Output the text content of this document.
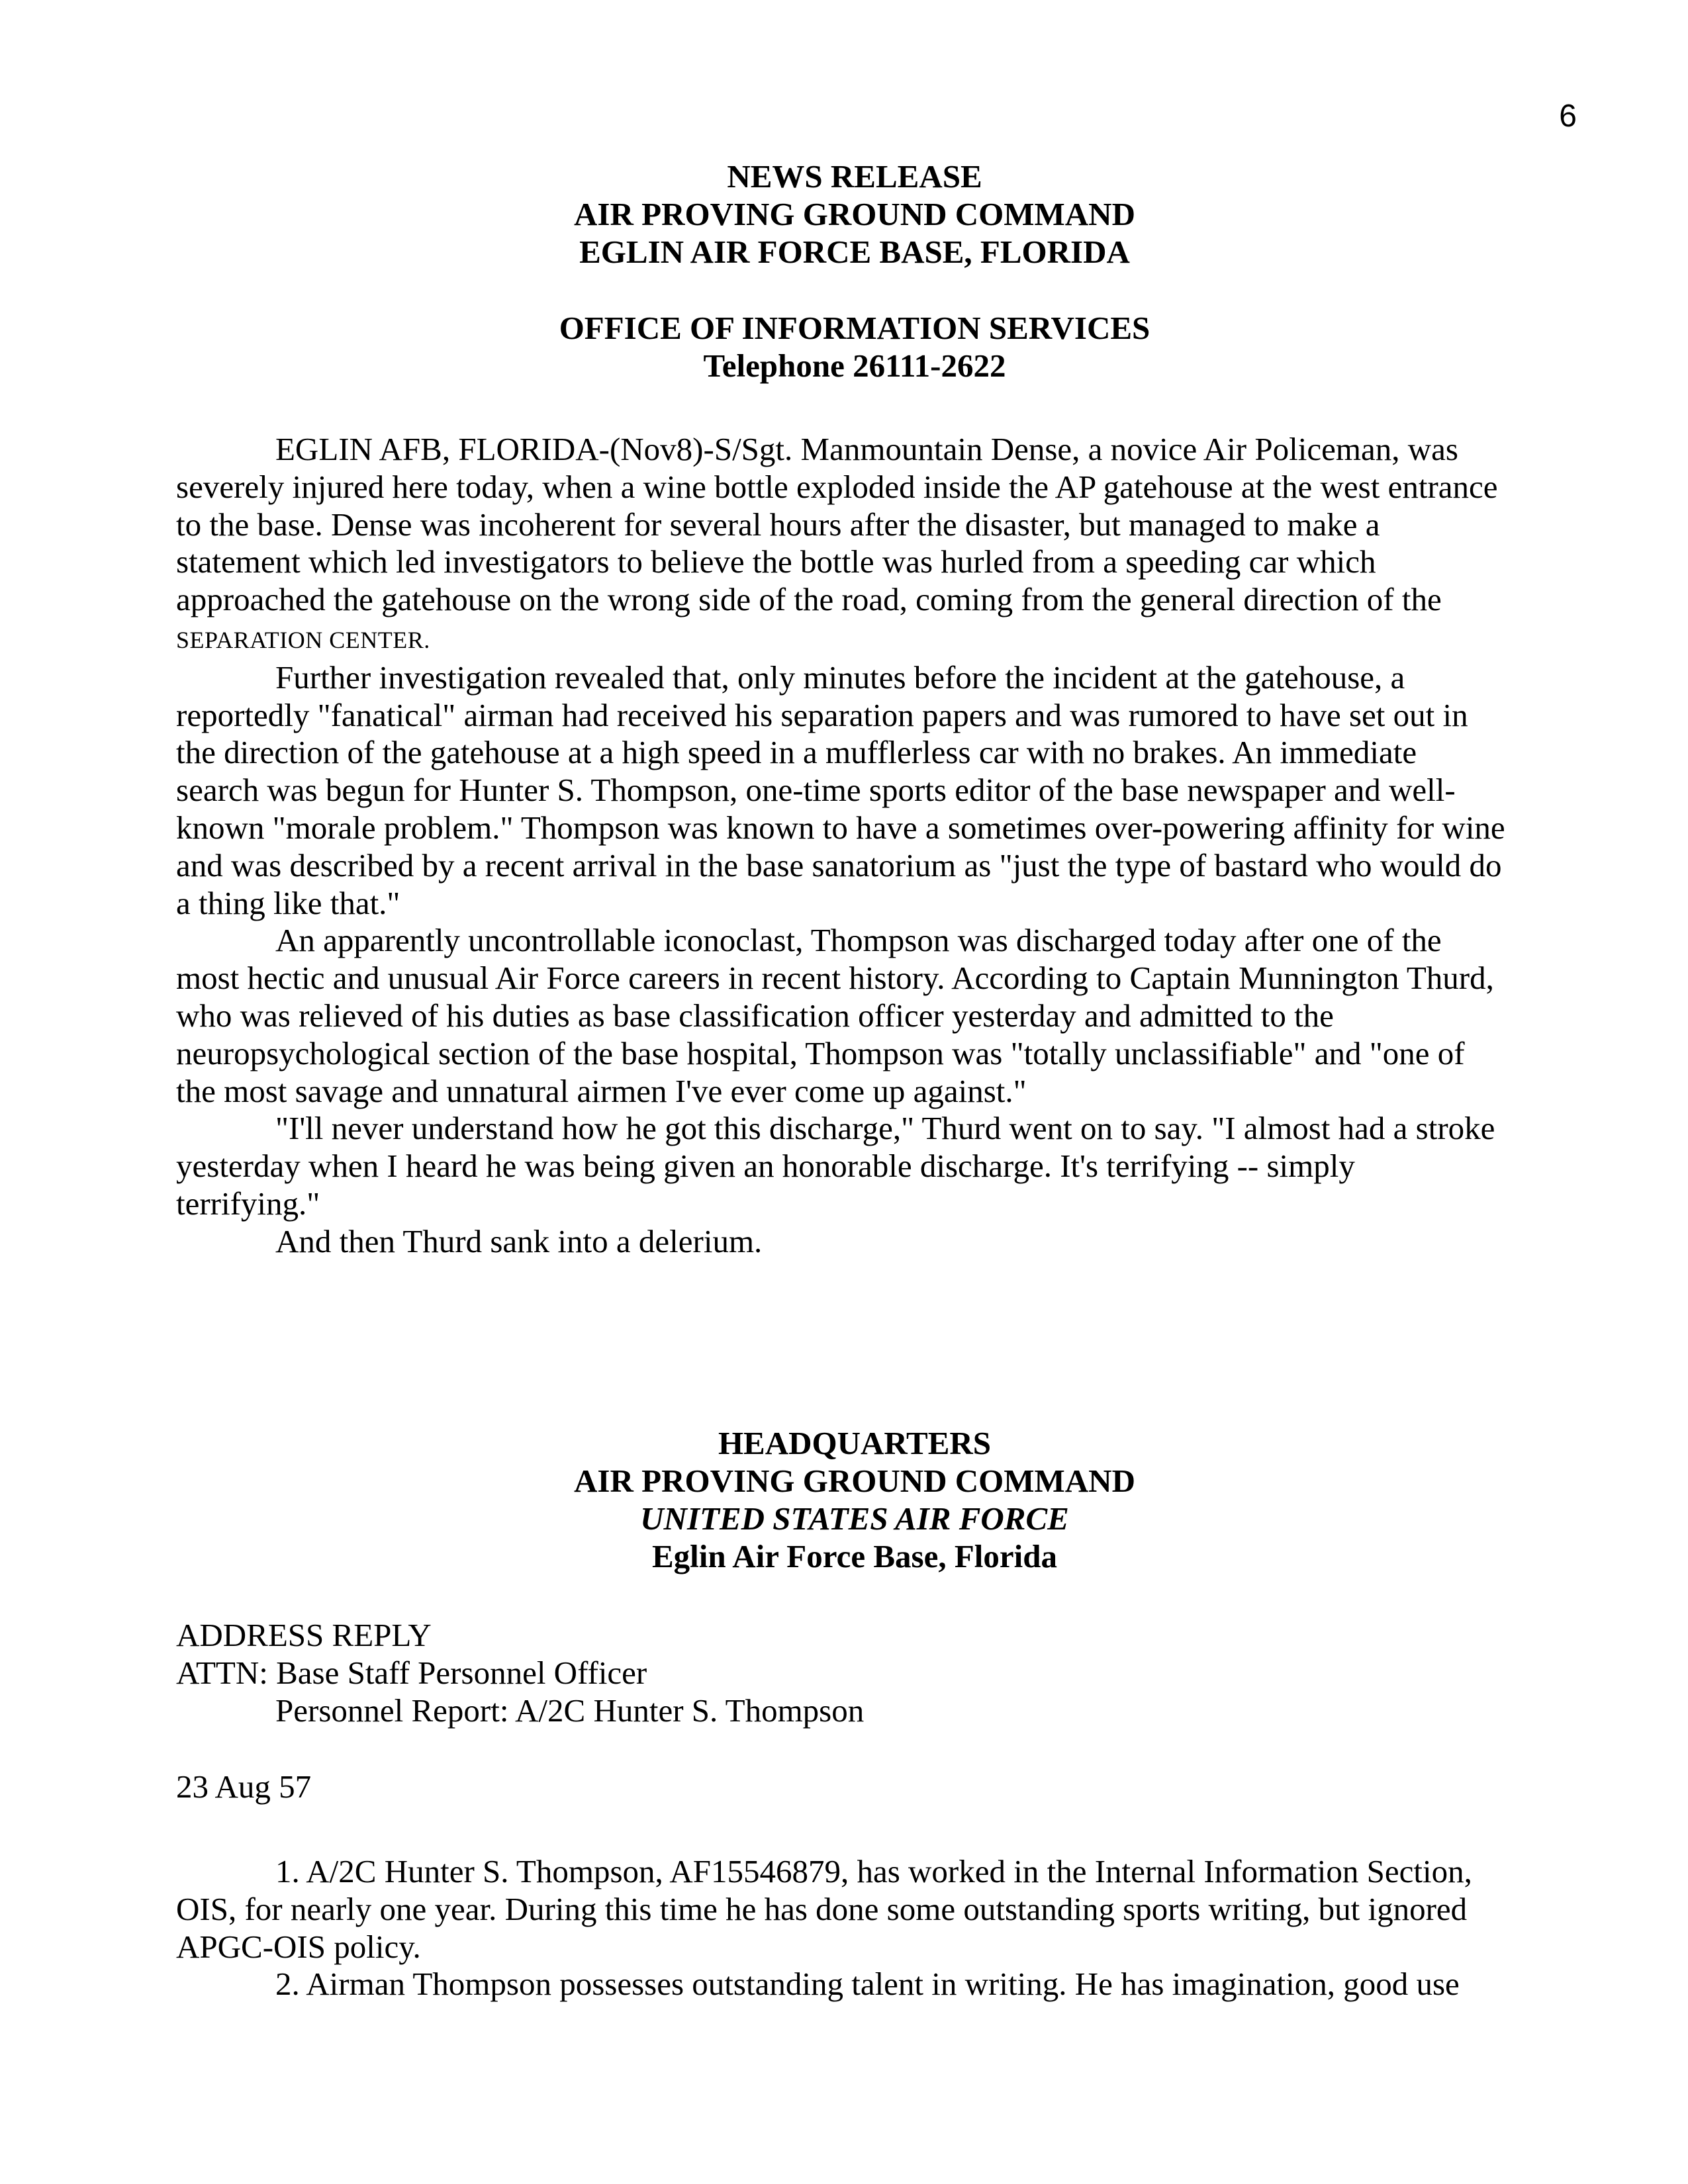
6
NEWS RELEASE
AIR PROVING GROUND COMMAND
EGLIN AIR FORCE BASE, FLORIDA
OFFICE OF INFORMATION SERVICES
Telephone 26111-2622

EGLIN AFB, FLORIDA-(Nov8)-S/Sgt. Manmountain Dense, a novice Air Policeman, was severely injured here today, when a wine bottle exploded inside the AP gatehouse at the west entrance to the base. Dense was incoherent for several hours after the disaster, but managed to make a statement which led investigators to believe the bottle was hurled from a speeding car which approached the gatehouse on the wrong side of the road, coming from the general direction of the SEPARATION CENTER.

Further investigation revealed that, only minutes before the incident at the gatehouse, a reportedly "fanatical" airman had received his separation papers and was rumored to have set out in the direction of the gatehouse at a high speed in a mufflerless car with no brakes. An immediate search was begun for Hunter S. Thompson, one-time sports editor of the base newspaper and well-known "morale problem." Thompson was known to have a sometimes over-powering affinity for wine and was described by a recent arrival in the base sanatorium as "just the type of bastard who would do a thing like that."

An apparently uncontrollable iconoclast, Thompson was discharged today after one of the most hectic and unusual Air Force careers in recent history. According to Captain Munnington Thurd, who was relieved of his duties as base classification officer yesterday and admitted to the neuropsychological section of the base hospital, Thompson was "totally unclassifiable" and "one of the most savage and unnatural airmen I've ever come up against."

"I'll never understand how he got this discharge," Thurd went on to say. "I almost had a stroke yesterday when I heard he was being given an honorable discharge. It's terrifying -- simply terrifying."

And then Thurd sank into a delerium.

HEADQUARTERS
AIR PROVING GROUND COMMAND
UNITED STATES AIR FORCE
Eglin Air Force Base, Florida
ADDRESS REPLY
ATTN: Base Staff Personnel Officer
Personnel Report: A/2C Hunter S. Thompson
23 Aug 57

1. A/2C Hunter S. Thompson, AF15546879, has worked in the Internal Information Section, OIS, for nearly one year. During this time he has done some outstanding sports writing, but ignored APGC-OIS policy.

2. Airman Thompson possesses outstanding talent in writing. He has imagination, good use
